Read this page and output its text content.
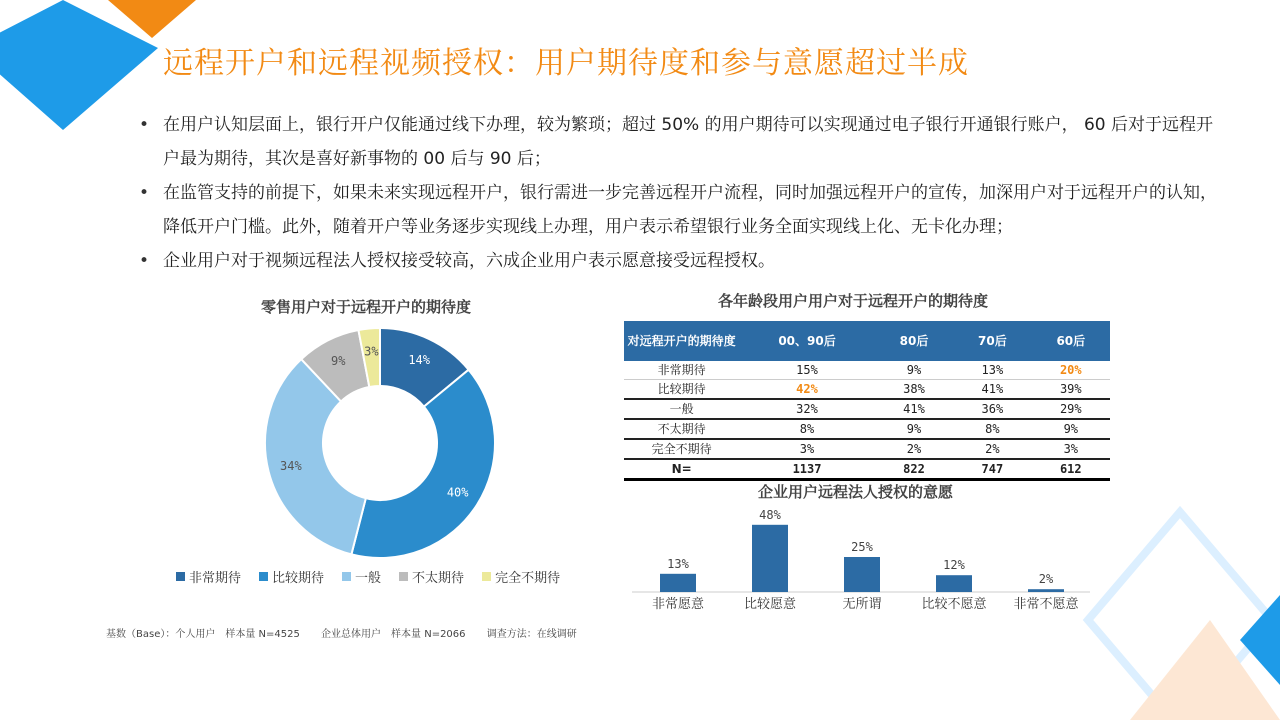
远程开户和远程视频授权：用户期待度和参与意愿超过半成
• 在用户认知层面上，银行开户仅能通过线下办理，较为繁琐；超过 50% 的用户期待可以实现通过电子银行开通银行账户， 60 后对于远程开户最为期待，其次是喜好新事物的 00 后与 90 后；
• 在监管支持的前提下，如果未来实现远程开户，银行需进一步完善远程开户流程，同时加强远程开户的宣传，加深用户对于远程开户的认知，降低开户门槛。此外，随着开户等业务逐步实现线上办理，用户表示希望银行业务全面实现线上化、无卡化办理；
• 企业用户对于视频远程法人授权接受较高，六成企业用户表示愿意接受远程授权。
零售用户对于远程开户的期待度
14%
40%
34%
9%
3%
非常期待 比较期待 一般 不太期待 完全不期待
各年龄段用户用户对于远程开户的期待度
对远程开户的期待度	00、90后	80后	70后	60后
非常期待	15%	9%	13%	20%
比较期待	42%	38%	41%	39%
一般	32%	41%	36%	29%
不太期待	8%	9%	8%	9%
完全不期待	3%	2%	2%	3%
N=	1137	822	747	612
企业用户远程法人授权的意愿
13%
非常愿意
48%
比较愿意
25%
无所谓
12%
比较不愿意
2%
非常不愿意
基数（Base）：个人用户　样本量 N=4525 企业总体用户　样本量 N=2066 调查方法：在线调研
